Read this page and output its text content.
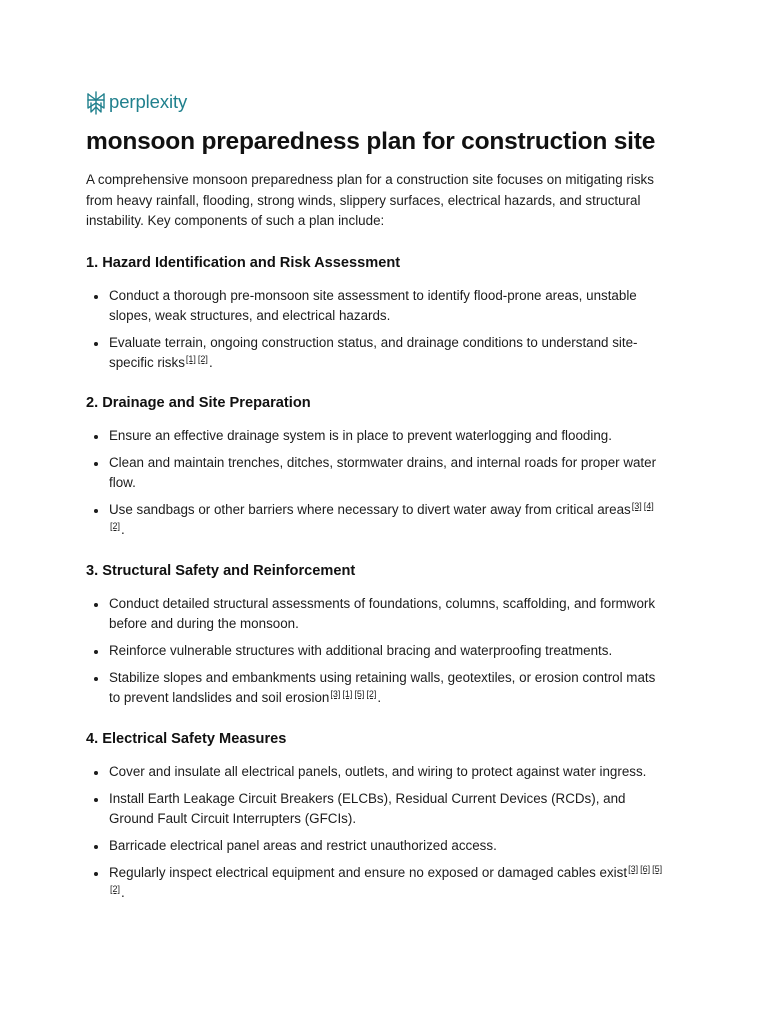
perplexity
monsoon preparedness plan for construction site

A comprehensive monsoon preparedness plan for a construction site focuses on mitigating risks from heavy rainfall, flooding, strong winds, slippery surfaces, electrical hazards, and structural instability. Key components of such a plan include:

1. Hazard Identification and Risk Assessment
Conduct a thorough pre-monsoon site assessment to identify flood-prone areas, unstable slopes, weak structures, and electrical hazards.
Evaluate terrain, ongoing construction status, and drainage conditions to understand site-specific risks[1] [2].
2. Drainage and Site Preparation
Ensure an effective drainage system is in place to prevent waterlogging and flooding.
Clean and maintain trenches, ditches, stormwater drains, and internal roads for proper water flow.
Use sandbags or other barriers where necessary to divert water away from critical areas[3] [4][2].
3. Structural Safety and Reinforcement
Conduct detailed structural assessments of foundations, columns, scaffolding, and formwork before and during the monsoon.
Reinforce vulnerable structures with additional bracing and waterproofing treatments.
Stabilize slopes and embankments using retaining walls, geotextiles, or erosion control mats to prevent landslides and soil erosion[3] [1] [5] [2].
4. Electrical Safety Measures
Cover and insulate all electrical panels, outlets, and wiring to protect against water ingress.
Install Earth Leakage Circuit Breakers (ELCBs), Residual Current Devices (RCDs), and Ground Fault Circuit Interrupters (GFCIs).
Barricade electrical panel areas and restrict unauthorized access.
Regularly inspect electrical equipment and ensure no exposed or damaged cables exist[3] [6] [5][2].
